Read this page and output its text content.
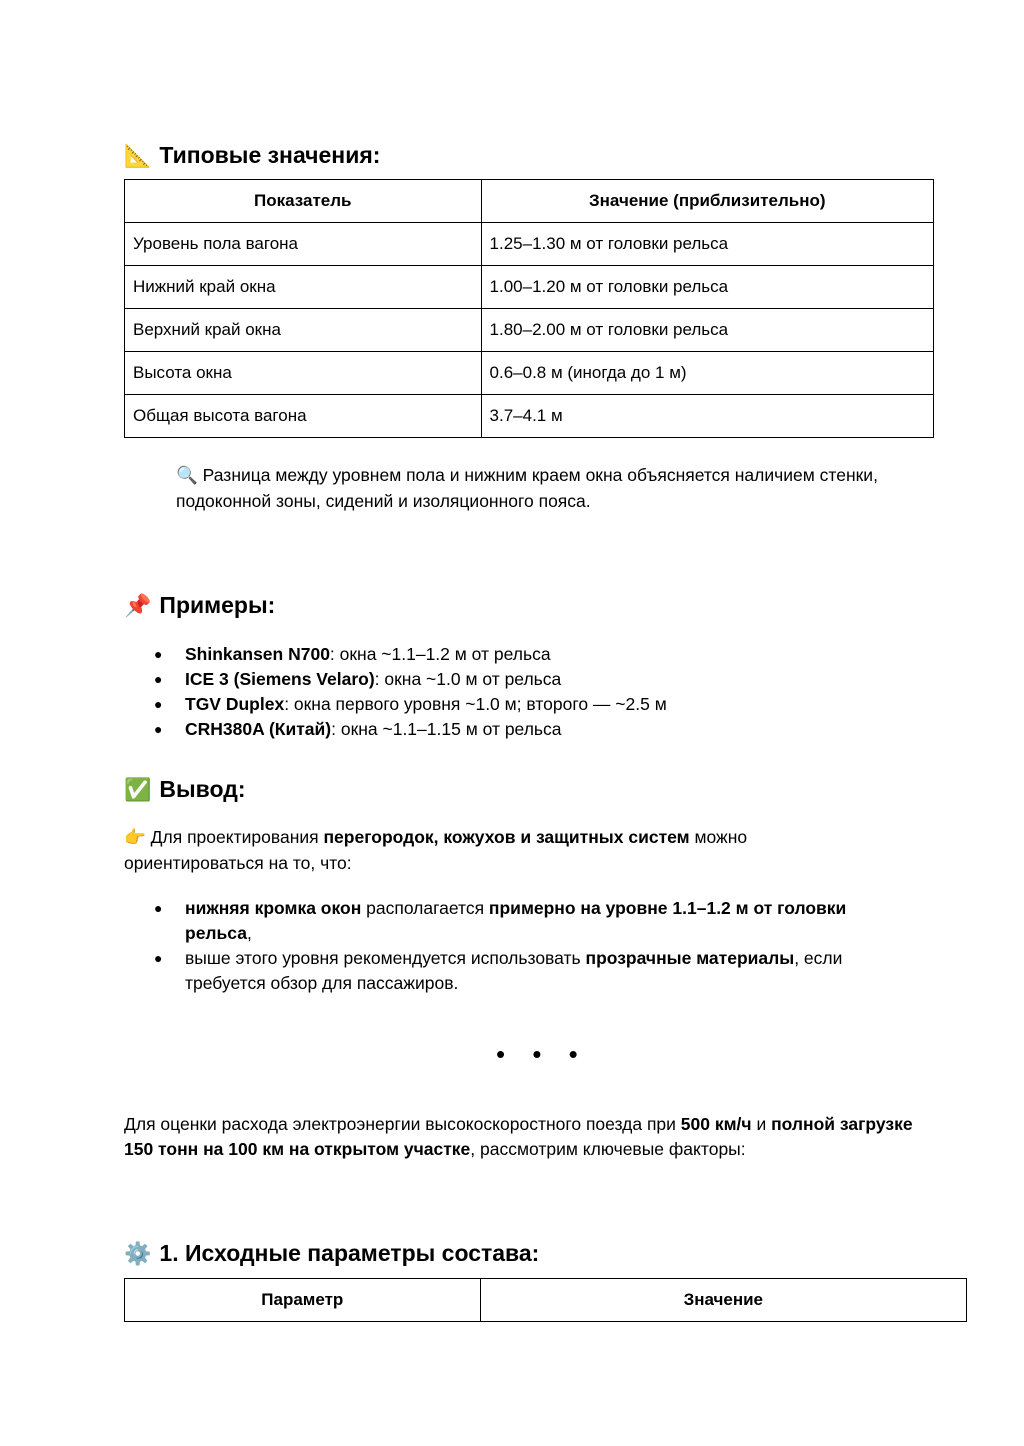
📐 Типовые значения:
Показатель	Значение (приблизительно)
Уровень пола вагона	1.25–1.30 м от головки рельса
Нижний край окна	1.00–1.20 м от головки рельса
Верхний край окна	1.80–2.00 м от головки рельса
Высота окна	0.6–0.8 м (иногда до 1 м)
Общая высота вагона	3.7–4.1 м

🔍 Разница между уровнем пола и нижним краем окна объясняется наличием стенки, подоконной зоны, сидений и изоляционного пояса.

📌 Примеры:
● Shinkansen N700: окна ~1.1–1.2 м от рельса
● ICE 3 (Siemens Velaro): окна ~1.0 м от рельса
● TGV Duplex: окна первого уровня ~1.0 м; второго — ~2.5 м
● CRH380A (Китай): окна ~1.1–1.15 м от рельса
✅ Вывод:

👉 Для проектирования перегородок, кожухов и защитных систем можно ориентироваться на то, что:

● нижняя кромка окон располагается примерно на уровне 1.1–1.2 м от головки рельса,
● выше этого уровня рекомендуется использовать прозрачные материалы, если требуется обзор для пассажиров.
• • •

Для оценки расхода электроэнергии высокоскоростного поезда при 500 км/ч и полной загрузке 150 тонн на 100 км на открытом участке, рассмотрим ключевые факторы:

⚙️ 1. Исходные параметры состава:
Параметр	Значение
